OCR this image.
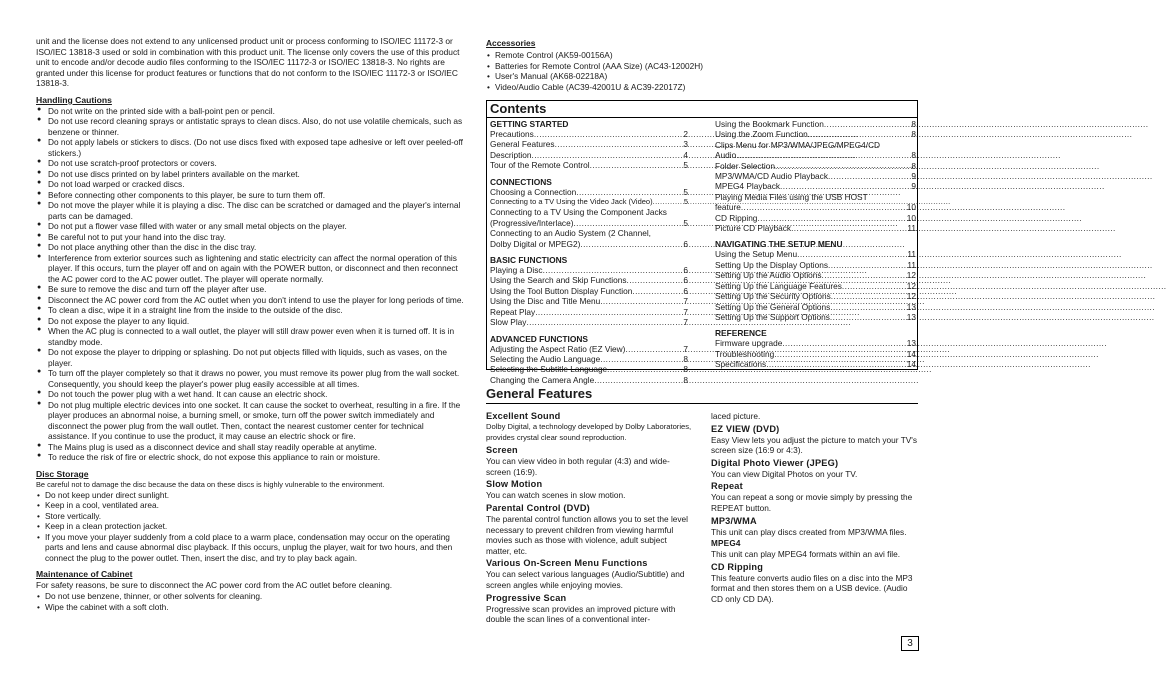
unit and the license does not extend to any unlicensed product unit or process conforming to ISO/IEC 11172-3 or ISO/IEC 13818-3 used or sold in combination with this product unit. The license only covers the use of this product unit to encode and/or decode audio files conforming to the ISO/IEC 11172-3 or ISO/IEC 13818-3. No rights are granted under this license for product features or functions that do not conform to the ISO/IEC 11172-3 or ISO/IEC 13818-3.

Handling Cautions
● Do not write on the printed side with a ball-point pen or pencil.
● Do not use record cleaning sprays or antistatic sprays to clean discs. Also, do not use volatile chemicals, such as benzene or thinner.
● Do not apply labels or stickers to discs. (Do not use discs fixed with exposed tape adhesive or left over peeled-off stickers.)
● Do not use scratch-proof protectors or covers.
● Do not use discs printed on by label printers available on the market.
● Do not load warped or cracked discs.
● Before connecting other components to this player, be sure to turn them off.
● Do not move the player while it is playing a disc. The disc can be scratched or damaged and the player's internal parts can be damaged.
● Do not put a flower vase filled with water or any small metal objects on the player.
● Be careful not to put your hand into the disc tray.
● Do not place anything other than the disc in the disc tray.
● Interference from exterior sources such as lightening and static electricity can affect the normal operation of this player. If this occurs, turn the player off and on again with the POWER button, or disconnect and then reconnect the AC power cord to the AC power outlet. The player will operate normally.
● Be sure to remove the disc and turn off the player after use.
● Disconnect the AC power cord from the AC outlet when you don't intend to use the player for long periods of time.
● To clean a disc, wipe it in a straight line from the inside to the outside of the disc.
● Do not expose the player to any liquid.
● When the AC plug is connected to a wall outlet, the player will still draw power even when it is turned off. It is in standby mode.
● Do not expose the player to dripping or splashing. Do not put objects filled with liquids, such as vases, on the player.
● To turn off the player completely so that it draws no power, you must remove its power plug from the wall socket. Consequently, you should keep the player's power plug easily accessible at all times.
● Do not touch the power plug with a wet hand. It can cause an electric shock.
● Do not plug multiple electric devices into one socket. It can cause the socket to overheat, resulting in a fire. If the player produces an abnormal noise, a burning smell, or smoke, turn off the power switch immediately and disconnect the power plug from the wall outlet. Then, contact the nearest customer center for technical assistance. If you continue to use the product, it may cause an electric shock or fire.
● The Mains plug is used as a disconnect device and shall stay readily operable at anytime.
● To reduce the risk of fire or electric shock, do not expose this appliance to rain or moisture.
Disc Storage

Be careful not to damage the disc because the data on these discs is highly vulnerable to the environment.

• Do not keep under direct sunlight.
• Keep in a cool, ventilated area.
• Store vertically.
• Keep in a clean protection jacket.
• If you move your player suddenly from a cold place to a warm place, condensation may occur on the operating parts and lens and cause abnormal disc playback. If this occurs, unplug the player, wait for two hours, and then connect the plug to the power outlet. Then, insert the disc, and try to play back again.
Maintenance of Cabinet

For safety reasons, be sure to disconnect the AC power cord from the AC outlet before cleaning.

• Do not use benzene, thinner, or other solvents for cleaning.
• Wipe the cabinet with a soft cloth.
Accessories
• Remote Control (AK59-00156A)
• Batteries for Remote Control (AAA Size) (AC43-12002H)
• User's Manual (AK68-02218A)
• Video/Audio Cable (AC39-42001U & AC39-22017Z)
Contents
GETTING STARTED
Precautions .....	2
General Features .....	3
Description .....	4
Tour of the Remote Control .....	5
CONNECTIONS
Choosing a Connection .....	5
Connecting to a TV Using the Video Jack (Video) .....	5
Connecting to a TV Using the Component Jacks
(Progressive/Interlace) .....	5
Connecting to an Audio System (2 Channel,
Dolby Digital or MPEG2) .....	6
BASIC FUNCTIONS
Playing a Disc .....	6
Using the Search and Skip Functions .....	6
Using the Tool Button Display Function .....	6
Using the Disc and Title Menu .....	7
Repeat Play .....	7
Slow Play .....	7
ADVANCED FUNCTIONS
Adjusting the Aspect Ratio (EZ View) .....	7
Selecting the Audio Language .....	8
Selecting the Subtitle Language .....	8
Changing the Camera Angle .....	8
Using the Bookmark Function .....	8
Using the Zoom Function .....	8
Clips Menu for MP3/WMA/JPEG/MPEG4/CD
Audio .....	8
Folder Selection .....	8
MP3/WMA/CD Audio Playback .....	9
MPEG4 Playback .....	9
Playing Media Files using the USB HOST
feature .....	10
CD Ripping .....	10
Picture CD Playback .....	11
NAVIGATING THE SETUP MENU
Using the Setup Menu .....	11
Setting Up the Display Options .....	11
Setting Up the Audio Options .....	12
Setting Up the Language Features .....	12
Setting Up the Security Options .....	12
Setting Up the General Options .....	13
Setting Up the Support Options .....	13
REFERENCE
Firmware upgrade .....	13
Troubleshooting .....	14
Specifications .....	14
General Features
Excellent Sound
Dolby Digital, a technology developed by Dolby Laboratories, provides crystal clear sound reproduction.
Screen
You can view video in both regular (4:3) and wide-screen (16:9).
Slow Motion
You can watch scenes in slow motion.
Parental Control (DVD)
The parental control function allows you to set the level necessary to prevent children from viewing harmful movies such as those with violence, adult subject matter, etc.
Various On-Screen Menu Functions
You can select various languages (Audio/Subtitle) and screen angles while enjoying movies.
Progressive Scan
Progressive scan provides an improved picture with double the scan lines of a conventional inter-
laced picture.
EZ VIEW (DVD)
Easy View lets you adjust the picture to match your TV's screen size (16:9 or 4:3).
Digital Photo Viewer (JPEG)
You can view Digital Photos on your TV.
Repeat
You can repeat a song or movie simply by pressing the REPEAT button.
MP3/WMA
This unit can play discs created from MP3/WMA files.
MPEG4
This unit can play MPEG4 formats within an avi file.
CD Ripping
This feature converts audio files on a disc into the MP3 format and then stores them on a USB device. (Audio CD only CD DA).
3
